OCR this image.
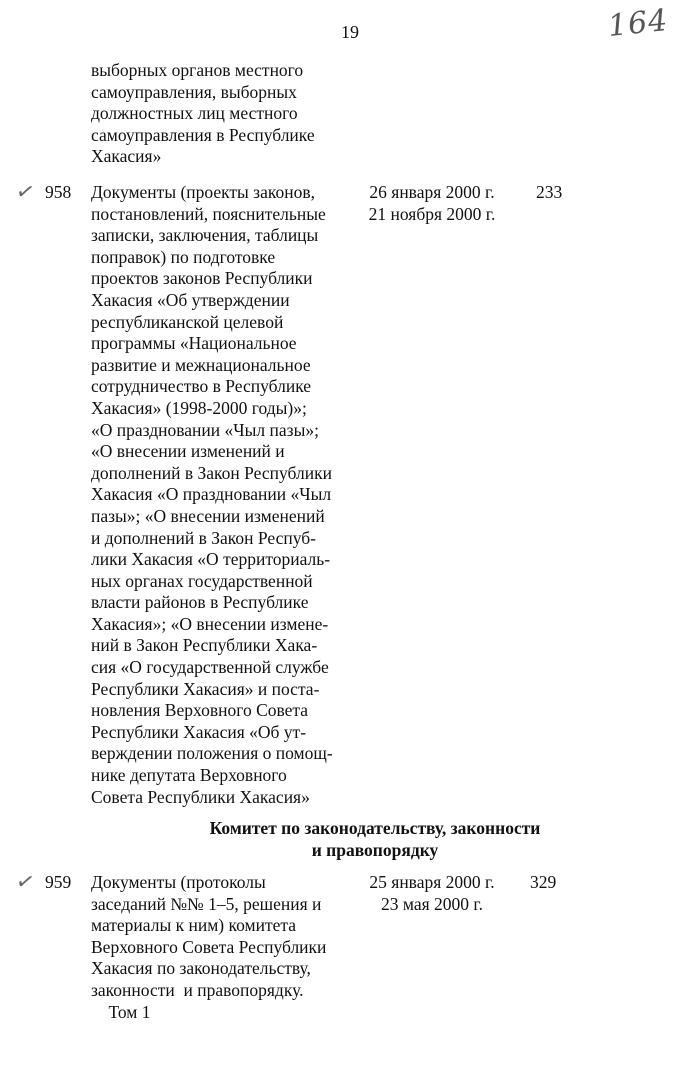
19	164
выборных органов местного
самоуправления, выборных
должностных лиц местного
самоуправления в Республике
Хакасия»
✓ 958 Документы (проекты законов,
постановлений, пояснительные
записки, заключения, таблицы
поправок) по подготовке
проектов законов Республики
Хакасия «Об утверждении
республиканской целевой
программы «Национальное
развитие и межнациональное
сотрудничество в Республике
Хакасия» (1998-2000 годы)»;
«О праздновании «Чыл пазы»;
«О внесении изменений и
дополнений в Закон Республики
Хакасия «О праздновании «Чыл
пазы»; «О внесении изменений
и дополнений в Закон Респуб-
лики Хакасия «О территориаль-
ных органах государственной
власти районов в Республике
Хакасия»; «О внесении измене-
ний в Закон Республики Хака-
сия «О государственной службе
Республики Хакасия» и поста-
новления Верховного Совета
Республики Хакасия «Об ут-
верждении положения о помощ-
нике депутата Верховного
Совета Республики Хакасия»
26 января 2000 г.
21 ноября 2000 г.
233
Комитет по законодательству, законности
и правопорядку
✓ 959 Документы (протоколы
заседаний №№ 1–5, решения и
материалы к ним) комитета
Верховного Совета Республики
Хакасия по законодательству,
законности  и правопорядку.
Том 1
25 января 2000 г.
23 мая 2000 г.
329
